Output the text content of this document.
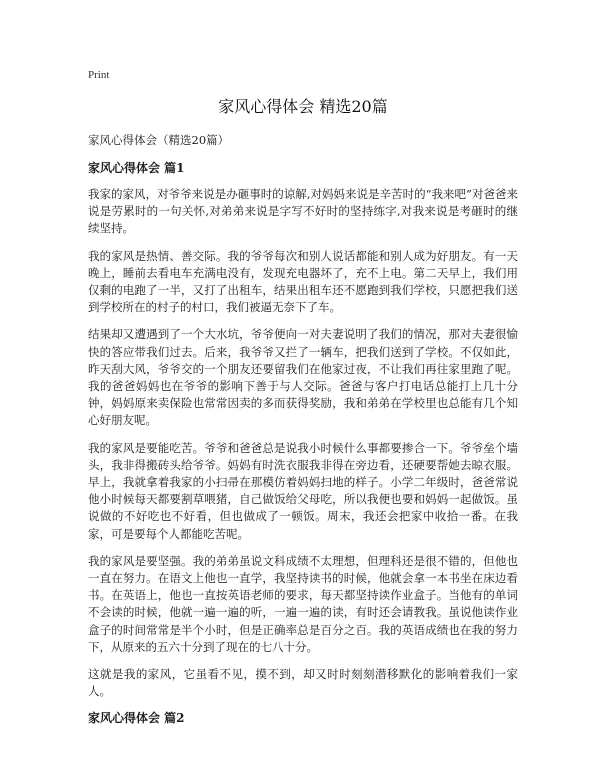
Print
家风心得体会 精选20篇

家风心得体会（精选20篇）

家风心得体会 篇1

我家的家风，对爷爷来说是办砸事时的谅解,对妈妈来说是辛苦时的“我来吧”对爸爸来说是劳累时的一句关怀,对弟弟来说是字写不好时的坚持练字,对我来说是考砸时的继续坚持。

我的家风是热情、善交际。我的爷爷每次和别人说话都能和别人成为好朋友。有一天晚上，睡前去看电车充满电没有，发现充电器坏了，充不上电。第二天早上，我们用仅剩的电跑了一半，又打了出租车，结果出租车还不愿跑到我们学校，只愿把我们送到学校所在的村子的村口，我们被逼无奈下了车。

结果却又遭遇到了一个大水坑，爷爷便向一对夫妻说明了我们的情况，那对夫妻很愉快的答应带我们过去。后来，我爷爷又拦了一辆车，把我们送到了学校。不仅如此，昨天刮大风，爷爷交的一个朋友还要留我们在他家过夜，不让我们再往家里跑了呢。我的爸爸妈妈也在爷爷的影响下善于与人交际。爸爸与客户打电话总能打上几十分钟，妈妈原来卖保险也常常因卖的多而获得奖励，我和弟弟在学校里也总能有几个知心好朋友呢。

我的家风是要能吃苦。爷爷和爸爸总是说我小时候什么事都要掺合一下。爷爷垒个墙头，我非得搬砖头给爷爷。妈妈有时洗衣服我非得在旁边看，还硬要帮她去晾衣服。早上，我就拿着我家的小扫帚在那模仿着妈妈扫地的样子。小学二年级时，爸爸常说他小时候每天都要割草喂猪，自己做饭给父母吃，所以我便也要和妈妈一起做饭。虽说做的不好吃也不好看，但也做成了一顿饭。周末，我还会把家中收拾一番。在我家，可是要每个人都能吃苦呢。

我的家风是要坚强。我的弟弟虽说文科成绩不太理想，但理科还是很不错的，但他也一直在努力。在语文上他也一直学，我坚持读书的时候，他就会拿一本书坐在床边看书。在英语上，他也一直按英语老师的要求，每天都坚持读作业盒子。当他有的单词不会读的时候，他就一遍一遍的听，一遍一遍的读，有时还会请教我。虽说他读作业盒子的时间常常是半个小时，但是正确率总是百分之百。我的英语成绩也在我的努力下，从原来的五六十分到了现在的七八十分。

这就是我的家风，它虽看不见，摸不到，却又时时刻刻潜移默化的影响着我们一家人。

家风心得体会 篇2
